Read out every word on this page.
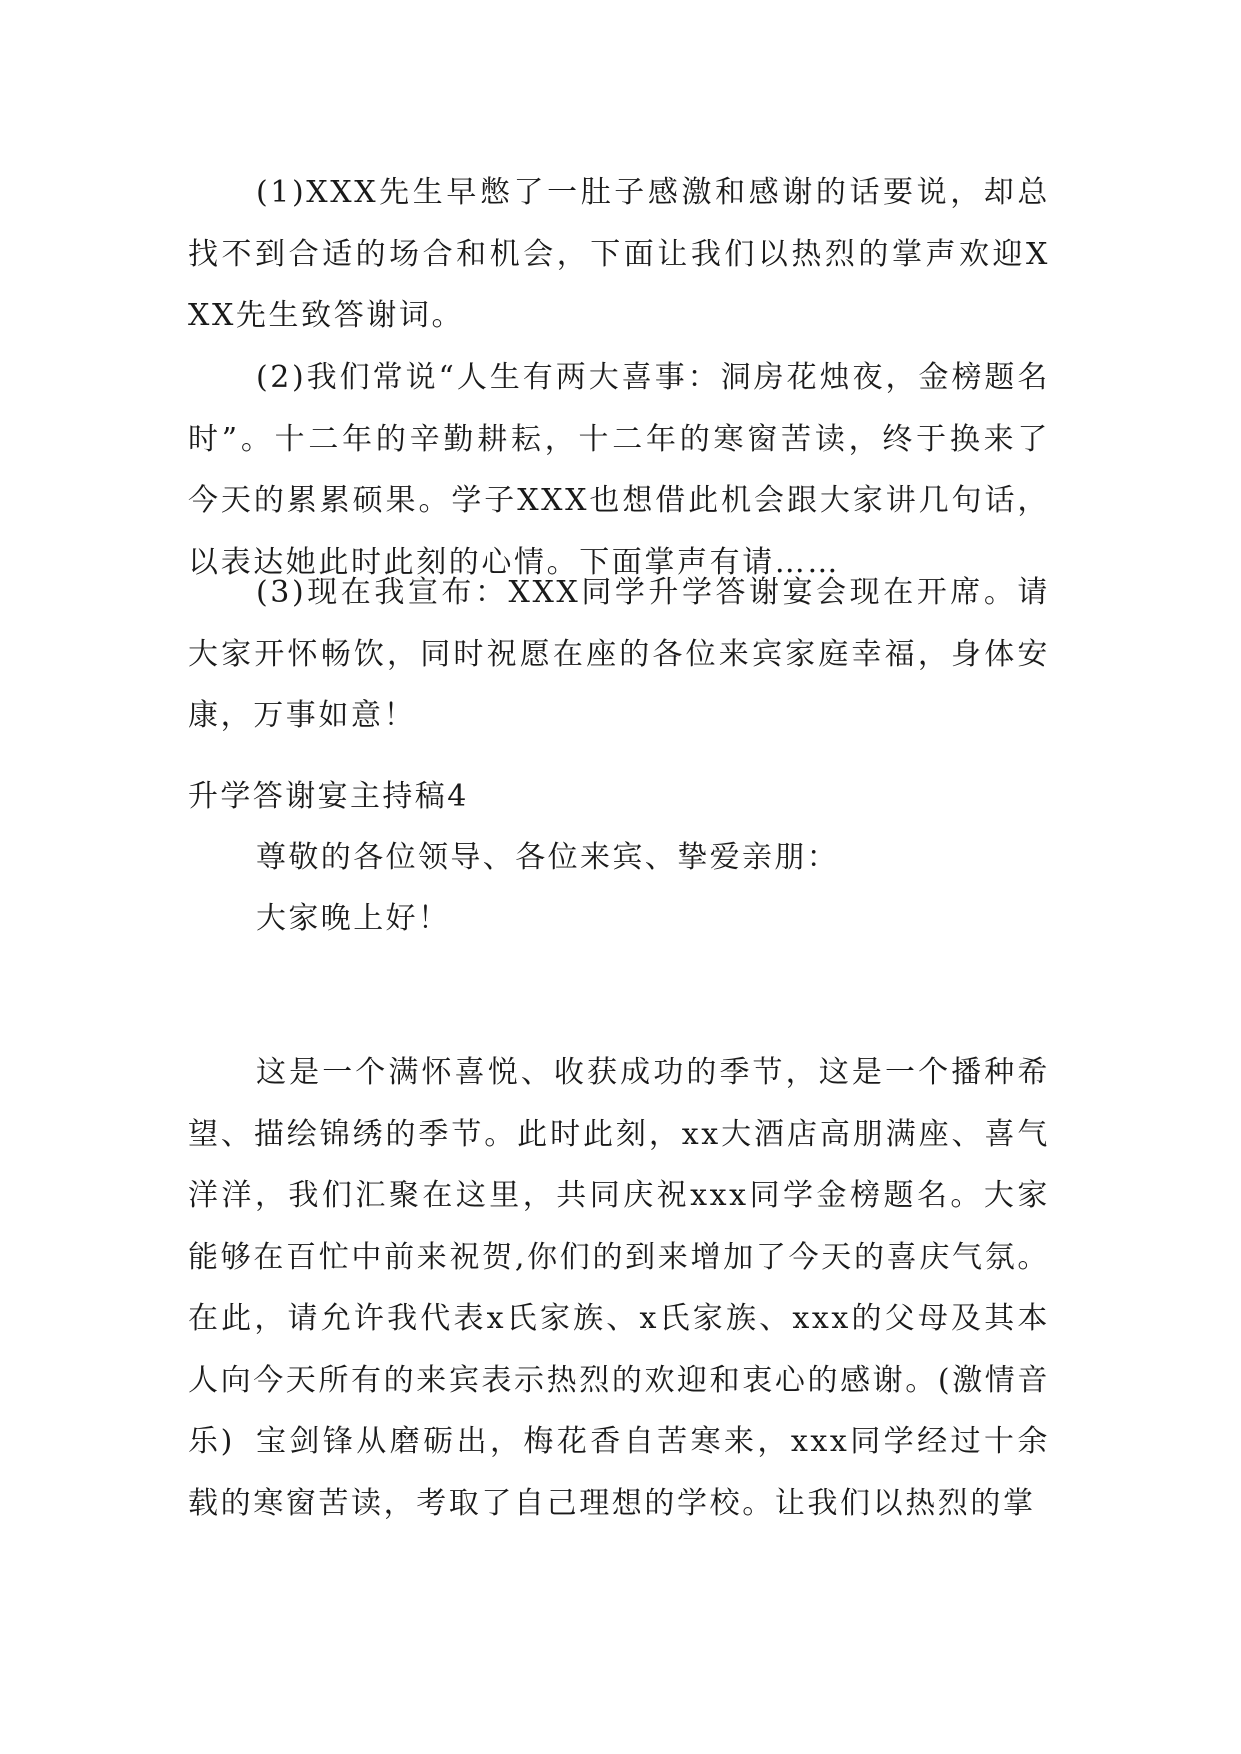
(1)XXX先生早憋了一肚子感激和感谢的话要说，却总找不到合适的场合和机会，下面让我们以热烈的掌声欢迎XXX先生致答谢词。

(2)我们常说“人生有两大喜事：洞房花烛夜，金榜题名时”。十二年的辛勤耕耘，十二年的寒窗苦读，终于换来了今天的累累硕果。学子XXX也想借此机会跟大家讲几句话，以表达她此时此刻的心情。下面掌声有请……

(3)现在我宣布：XXX同学升学答谢宴会现在开席。请大家开怀畅饮，同时祝愿在座的各位来宾家庭幸福，身体安康，万事如意！

升学答谢宴主持稿4

尊敬的各位领导、各位来宾、挚爱亲朋：

大家晚上好！

这是一个满怀喜悦、收获成功的季节，这是一个播种希望、描绘锦绣的季节。此时此刻，xx大酒店高朋满座、喜气洋洋，我们汇聚在这里，共同庆祝xxx同学金榜题名。大家能够在百忙中前来祝贺,你们的到来增加了今天的喜庆气氛。在此，请允许我代表x氏家族、x氏家族、xxx的父母及其本人向今天所有的来宾表示热烈的欢迎和衷心的感谢。(激情音乐) 宝剑锋从磨砺出，梅花香自苦寒来，xxx同学经过十余载的寒窗苦读，考取了自己理想的学校。让我们以热烈的掌
